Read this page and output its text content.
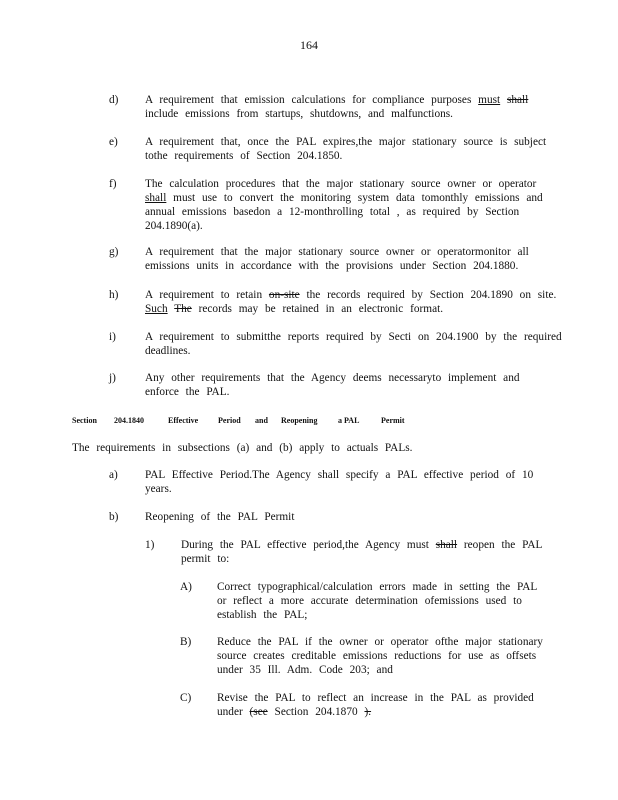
164
d) A requirement that emission calculations for compliance purposes must shall
include emissions from startups, shutdowns, and malfunctions.
e) A requirement that, once the PAL expires,the major stationary source is subject
tothe requirements of Section 204.1850.
f)	The calculation procedures that the major stationary source owner or operator
shall must use to convert the monitoring system data tomonthly emissions and
annual emissions basedon a 12-monthrolling total , as required by Section
204.1890(a).
g) A requirement that the major stationary source owner or operatormonitor all
emissions units in accordance with the provisions under Section 204.1880.
h) A requirement to retain on-site the records required by Section 204.1890 on site.
Such The records may be retained in an electronic format.
i)	A requirement to submitthe reports required by Secti on 204.1900 by the required
deadlines.
j)	Any other requirements that the Agency deems necessaryto implement and
enforce the PAL.
Section 204.1840	Effective Period and Reopening	a PAL	Permit
The requirements in subsections (a) and (b) apply to actuals PALs.
a) PAL Effective Period.The Agency shall specify a PAL effective period of 10
years.
b) Reopening of the PAL Permit
1) During the PAL effective period,the Agency must shall reopen the PAL
permit to:
A) Correct typographical/calculation errors made in setting the PAL
or reflect a more accurate determination ofemissions used to
establish the PAL;
B) Reduce the PAL if the owner or operator ofthe major stationary
source creates creditable emissions reductions for use as offsets
under 35 Ill. Adm. Code 203; and
C) Revise the PAL to reflect an increase in the PAL as provided
under (see Section 204.1870 ).
